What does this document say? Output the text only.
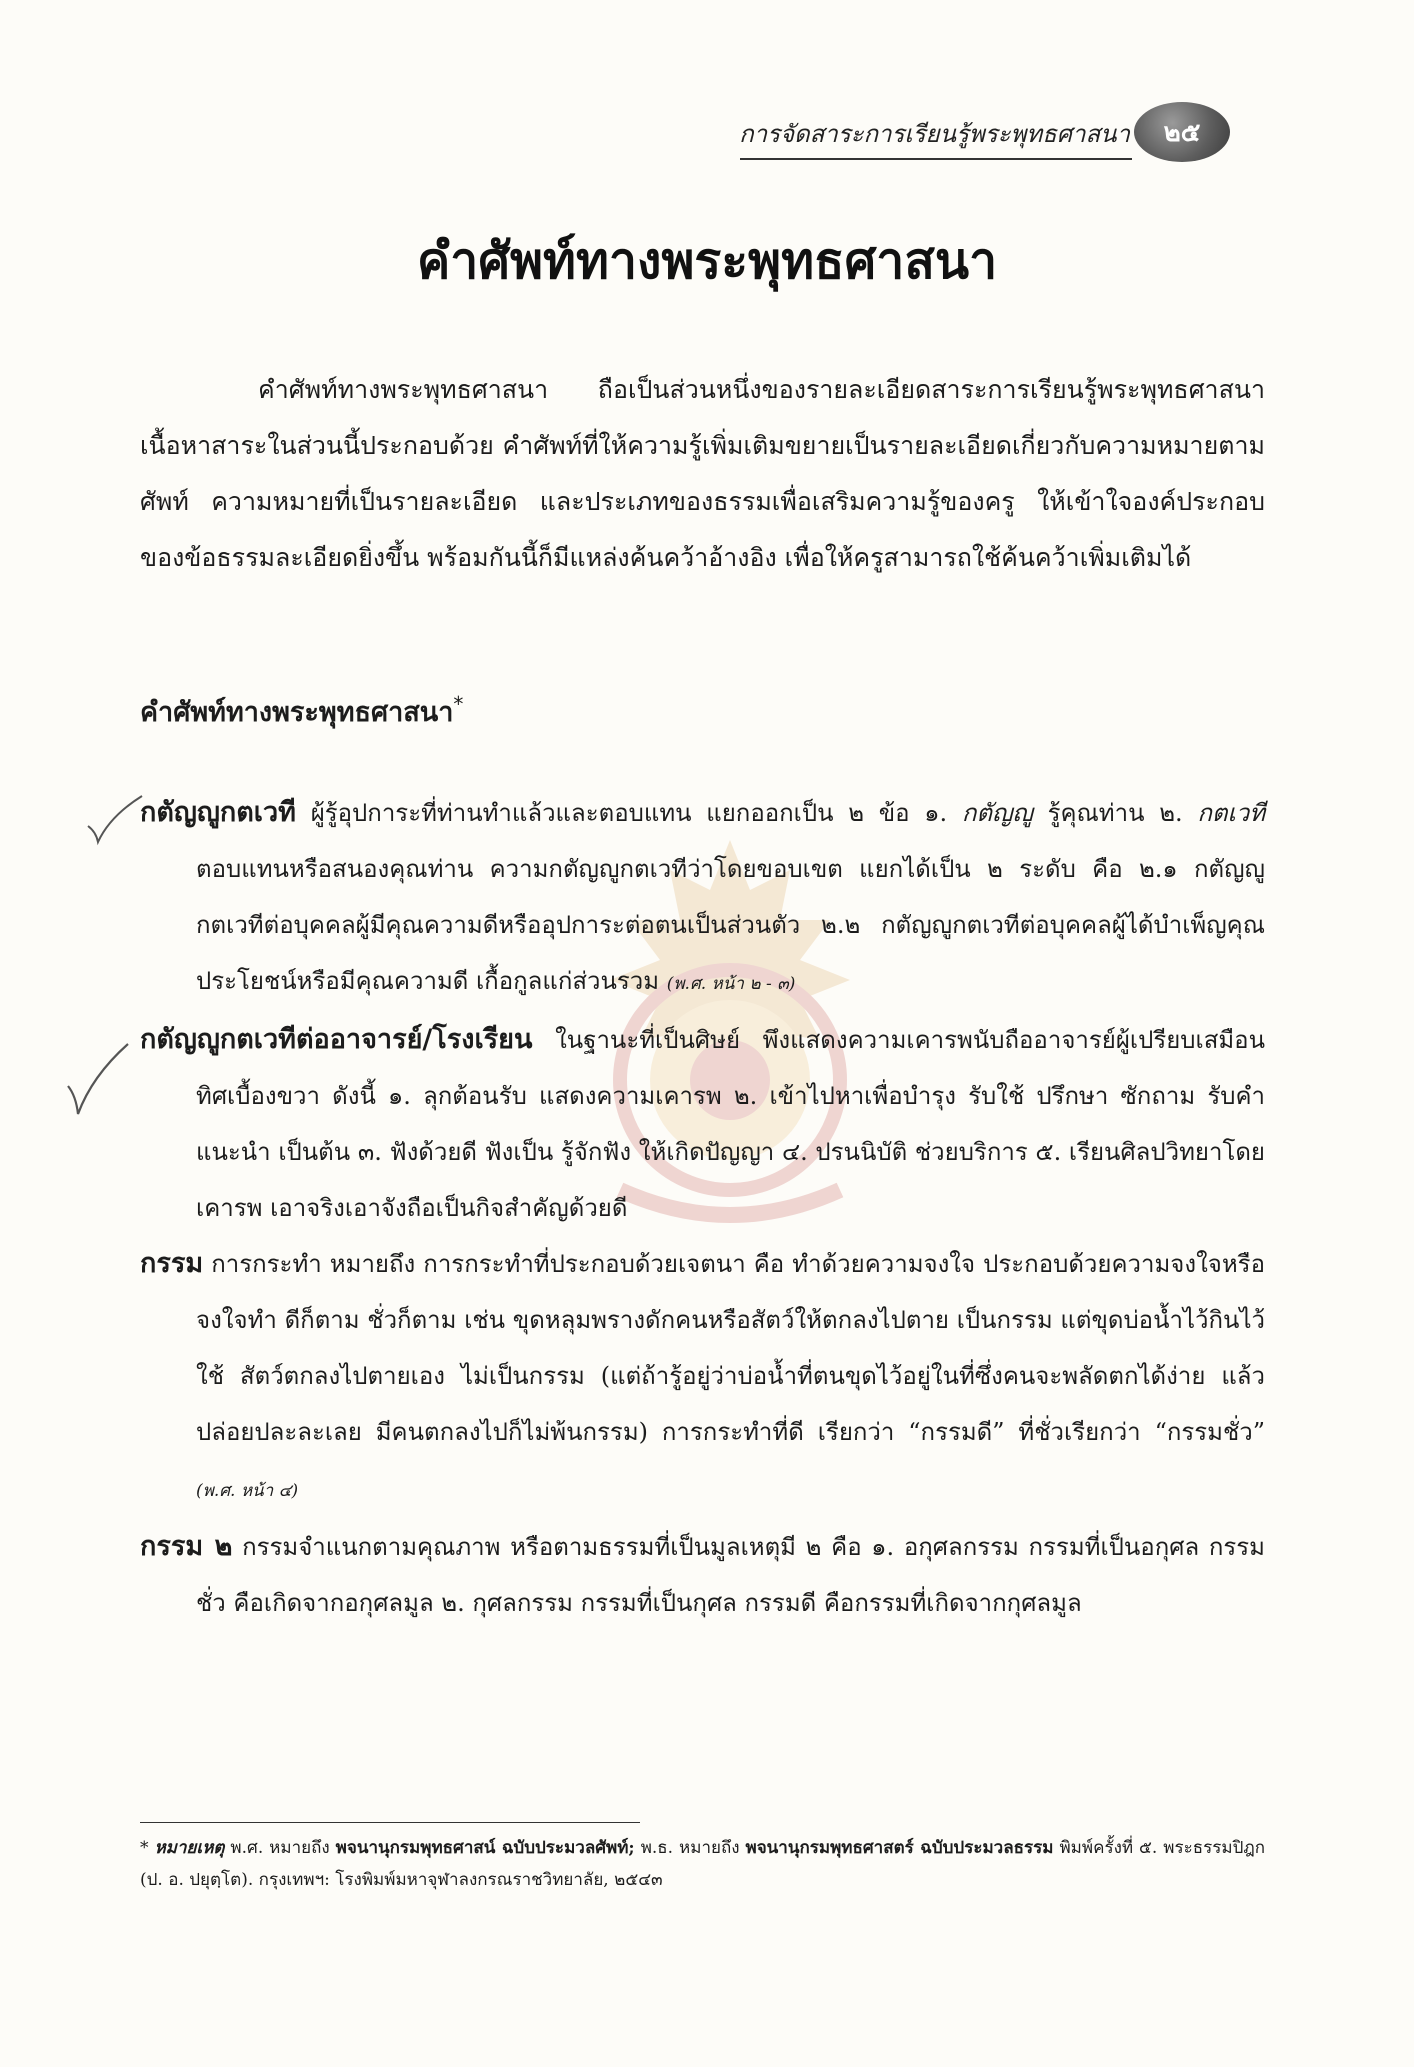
การจัดสาระการเรียนรู้พระพุทธศาสนา ๒๕
คำศัพท์ทางพระพุทธศาสนา
คำศัพท์ทางพระพุทธศาสนา ถือเป็นส่วนหนึ่งของรายละเอียดสาระการเรียนรู้พระพุทธศาสนา เนื้อหาสาระในส่วนนี้ประกอบด้วย คำศัพท์ที่ให้ความรู้เพิ่มเติมขยายเป็นรายละเอียดเกี่ยวกับความหมายตามศัพท์ ความหมายที่เป็นรายละเอียด และประเภทของธรรมเพื่อเสริมความรู้ของครู ให้เข้าใจองค์ประกอบของข้อธรรมละเอียดยิ่งขึ้น พร้อมกันนี้ก็มีแหล่งค้นคว้าอ้างอิง เพื่อให้ครูสามารถใช้ค้นคว้าเพิ่มเติมได้
คำศัพท์ทางพระพุทธศาสนา*
กตัญญูกตเวที ผู้รู้อุปการะที่ท่านทำแล้วและตอบแทน แยกออกเป็น ๒ ข้อ ๑. กตัญญู รู้คุณท่าน ๒. กตเวที ตอบแทนหรือสนองคุณท่าน ความกตัญญูกตเวทีว่าโดยขอบเขต แยกได้เป็น ๒ ระดับ คือ ๒.๑ กตัญญูกตเวทีต่อบุคคลผู้มีคุณความดีหรืออุปการะต่อตนเป็นส่วนตัว ๒.๒ กตัญญูกตเวทีต่อบุคคลผู้ได้บำเพ็ญคุณประโยชน์หรือมีคุณความดี เกื้อกูลแก่ส่วนรวม (พ.ศ. หน้า ๒ - ๓)
กตัญญูกตเวทีต่ออาจารย์/โรงเรียน ในฐานะที่เป็นศิษย์ พึงแสดงความเคารพนับถืออาจารย์ผู้เปรียบเสมือนทิศเบื้องขวา ดังนี้ ๑. ลุกต้อนรับ แสดงความเคารพ ๒. เข้าไปหาเพื่อบำรุง รับใช้ ปรึกษา ซักถาม รับคำแนะนำ เป็นต้น ๓. ฟังด้วยดี ฟังเป็น รู้จักฟัง ให้เกิดปัญญา ๔. ปรนนิบัติ ช่วยบริการ ๕. เรียนศิลปวิทยาโดยเคารพ เอาจริงเอาจังถือเป็นกิจสำคัญด้วยดี
กรรม การกระทำ หมายถึง การกระทำที่ประกอบด้วยเจตนา คือ ทำด้วยความจงใจ ประกอบด้วยความจงใจหรือจงใจทำ ดีก็ตาม ชั่วก็ตาม เช่น ขุดหลุมพรางดักคนหรือสัตว์ให้ตกลงไปตาย เป็นกรรม แต่ขุดบ่อน้ำไว้กินไว้ใช้ สัตว์ตกลงไปตายเอง ไม่เป็นกรรม (แต่ถ้ารู้อยู่ว่าบ่อน้ำที่ตนขุดไว้อยู่ในที่ซึ่งคนจะพลัดตกได้ง่าย แล้วปล่อยปละละเลย มีคนตกลงไปก็ไม่พ้นกรรม) การกระทำที่ดี เรียกว่า “กรรมดี” ที่ชั่วเรียกว่า “กรรมชั่ว” (พ.ศ. หน้า ๔)
กรรม ๒ กรรมจำแนกตามคุณภาพ หรือตามธรรมที่เป็นมูลเหตุมี ๒ คือ ๑. อกุศลกรรม กรรมที่เป็นอกุศล กรรมชั่ว คือเกิดจากอกุศลมูล ๒. กุศลกรรม กรรมที่เป็นกุศล กรรมดี คือกรรมที่เกิดจากกุศลมูล
* หมายเหตุ พ.ศ. หมายถึง พจนานุกรมพุทธศาสน์ ฉบับประมวลศัพท์; พ.ธ. หมายถึง พจนานุกรมพุทธศาสตร์ ฉบับประมวลธรรม พิมพ์ครั้งที่ ๕. พระธรรมปิฎก (ป. อ. ปยุตฺโต). กรุงเทพฯ: โรงพิมพ์มหาจุฬาลงกรณราชวิทยาลัย, ๒๕๔๓
